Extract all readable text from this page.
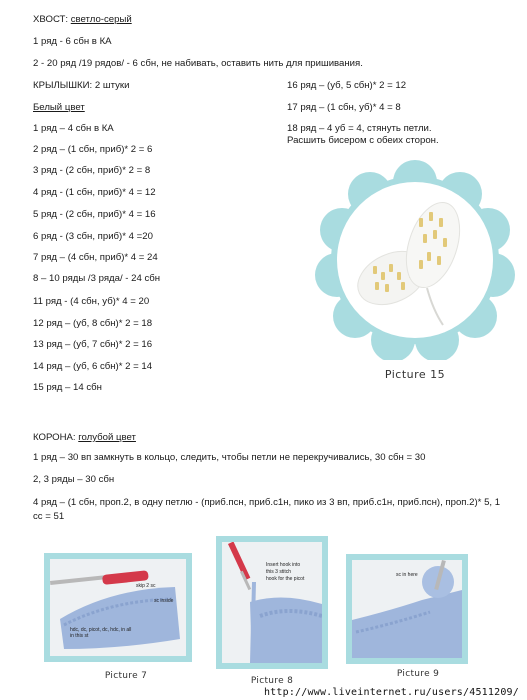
ХВОСТ: светло-серый

1 ряд - 6 сбн в КА

2 - 20 ряд /19 рядов/ - 6 сбн, не набивать, оставить нить для пришивания.

КРЫЛЫШКИ: 2 штуки

Белый цвет

1 ряд – 4 сбн в КА

2 ряд – (1 сбн, приб)* 2 = 6

3 ряд - (2 сбн, приб)* 2 = 8

4 ряд - (1 сбн, приб)* 4 = 12

5 ряд - (2 сбн, приб)* 4 = 16

6 ряд - (3 сбн, приб)* 4 =20

7 ряд – (4 сбн, приб)* 4 = 24

8 – 10 ряды /3 ряда/ - 24 сбн

11 ряд - (4 сбн, уб)* 4 = 20

12 ряд – (уб, 8 сбн)* 2 = 18

13 ряд – (уб, 7 сбн)* 2 = 16

14 ряд – (уб, 6 сбн)* 2 = 14

15 ряд – 14 сбн

16 ряд – (уб, 5 сбн)* 2 = 12

17 ряд – (1 сбн, уб)* 4 = 8

18 ряд – 4 уб = 4, стянуть петли. Расшить бисером с обеих сторон.

Picture 15

КОРОНА: голубой цвет

1 ряд – 30 вп замкнуть в кольцо, следить, чтобы петли не перекручивались, 30 сбн = 30

2, 3 ряды – 30 сбн

4 ряд – (1 сбн, проп.2, в одну петлю - (приб.псн, приб.с1н, пико из 3 вп, приб.с1н, приб.псн), проп.2)* 5, 1 сс = 51

skip 2 sc
sc inside
hdc, dc, picot, dc, hdc, in all in this st
Picture 7
Insert hook into
this 3 stitch
hook for the picot
Picture 8
sc in here
Picture 9
http://www.liveinternet.ru/users/4511209/
